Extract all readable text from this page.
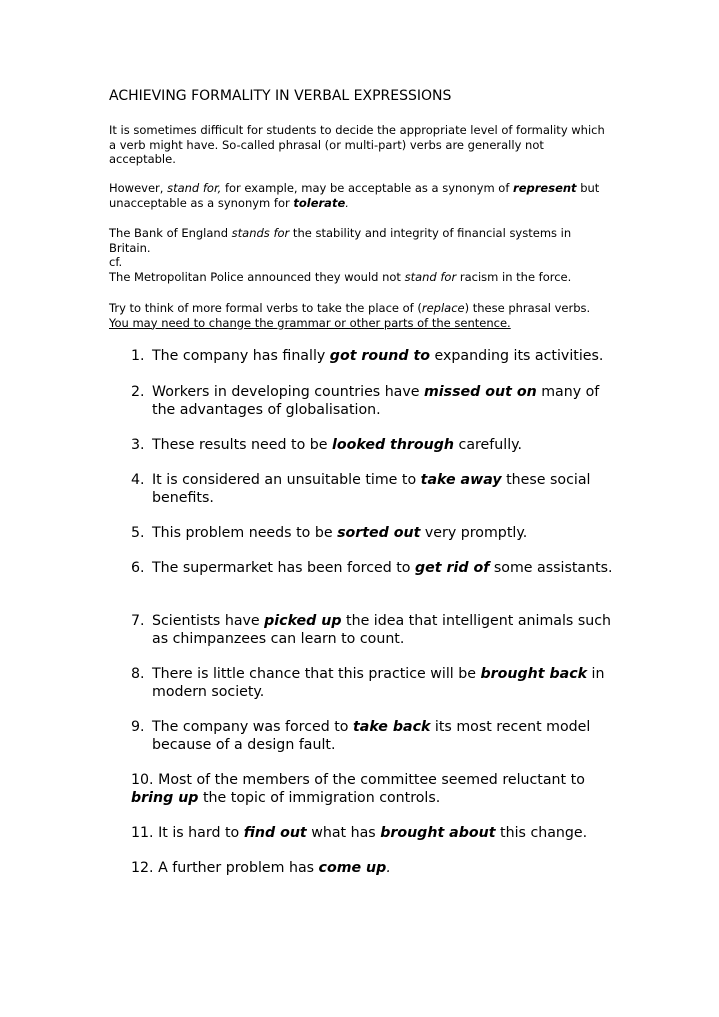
ACHIEVING FORMALITY IN VERBAL EXPRESSIONS
It is sometimes difficult for students to decide the appropriate level of formality which a verb might have. So-called phrasal (or multi-part) verbs are generally not acceptable.
However, stand for, for example, may be acceptable as a synonym of represent but unacceptable as a synonym for tolerate.
The Bank of England stands for the stability and integrity of financial systems in Britain.
cf.
The Metropolitan Police announced they would not stand for racism in the force.
Try to think of more formal verbs to take the place of (replace) these phrasal verbs. You may need to change the grammar or other parts of the sentence.
1. The company has finally got round to expanding its activities.
2. Workers in developing countries have missed out on many of the advantages of globalisation.
3. These results need to be looked through carefully.
4. It is considered an unsuitable time to take away these social benefits.
5. This problem needs to be sorted out very promptly.
6. The supermarket has been forced to get rid of some assistants.
7. Scientists have picked up the idea that intelligent animals such as chimpanzees can learn to count.
8. There is little chance that this practice will be brought back in modern society.
9. The company was forced to take back its most recent model because of a design fault.
10. Most of the members of the committee seemed reluctant to bring up the topic of immigration controls.
11. It is hard to find out what has brought about this change.
12. A further problem has come up.
